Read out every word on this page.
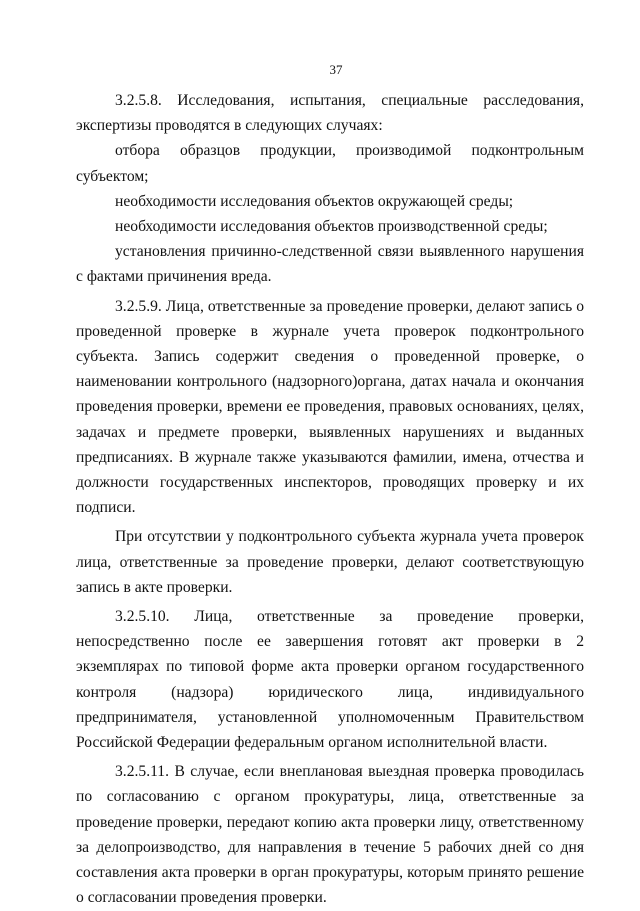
37

3.2.5.8. Исследования, испытания, специальные расследования, экспертизы проводятся в следующих случаях:

отбора образцов продукции, производимой подконтрольным субъектом;

необходимости исследования объектов окружающей среды;

необходимости исследования объектов производственной среды;

установления причинно-следственной связи выявленного нарушения с фактами причинения вреда.

3.2.5.9. Лица, ответственные за проведение проверки, делают запись о проведенной проверке в журнале учета проверок подконтрольного субъекта. Запись содержит сведения о проведенной проверке, о наименовании контрольного (надзорного)органа, датах начала и окончания проведения проверки, времени ее проведения, правовых основаниях, целях, задачах и предмете проверки, выявленных нарушениях и выданных предписаниях. В журнале также указываются фамилии, имена, отчества и должности государственных инспекторов, проводящих проверку и их подписи.

При отсутствии у подконтрольного субъекта журнала учета проверок лица, ответственные за проведение проверки, делают соответствующую запись в акте проверки.

3.2.5.10. Лица, ответственные за проведение проверки, непосредственно после ее завершения готовят акт проверки в 2 экземплярах по типовой форме акта проверки органом государственного контроля (надзора) юридического лица, индивидуального предпринимателя, установленной уполномоченным Правительством Российской Федерации федеральным органом исполнительной власти.

3.2.5.11. В случае, если внеплановая выездная проверка проводилась по согласованию с органом прокуратуры, лица, ответственные за проведение проверки, передают копию акта проверки лицу, ответственному за делопроизводство, для направления в течение 5 рабочих дней со дня составления акта проверки в орган прокуратуры, которым принято решение о согласовании проведения проверки.
